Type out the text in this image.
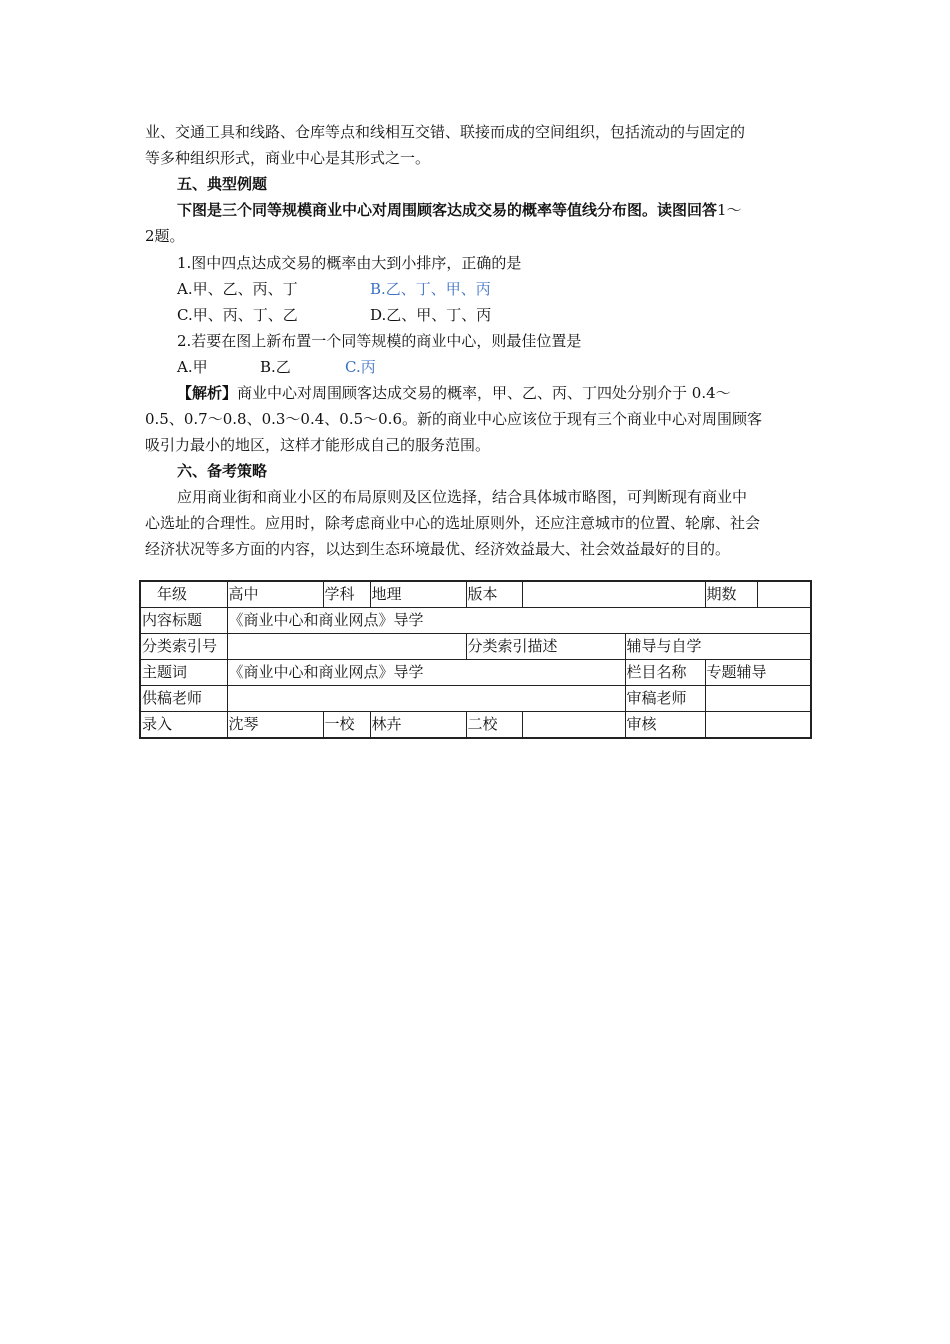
业、交通工具和线路、仓库等点和线相互交错、联接而成的空间组织，包括流动的与固定的
等多种组织形式，商业中心是其形式之一。
五、典型例题
下图是三个同等规模商业中心对周围顾客达成交易的概率等值线分布图。读图回答1～
2题。
1.图中四点达成交易的概率由大到小排序，正确的是
A.甲、乙、丙、丁	B.乙、丁、甲、丙
C.甲、丙、丁、乙	D.乙、甲、丁、丙
2.若要在图上新布置一个同等规模的商业中心，则最佳位置是
A.甲	B.乙	C.丙
【解析】商业中心对周围顾客达成交易的概率，甲、乙、丙、丁四处分别介于 0.4～
0.5、0.7～0.8、0.3～0.4、0.5～0.6。新的商业中心应该位于现有三个商业中心对周围顾客
吸引力最小的地区，这样才能形成自己的服务范围。
六、备考策略
应用商业街和商业小区的布局原则及区位选择，结合具体城市略图，可判断现有商业中
心选址的合理性。应用时，除考虑商业中心的选址原则外，还应注意城市的位置、轮廓、社会
经济状况等多方面的内容，以达到生态环境最优、经济效益最大、社会效益最好的目的。
年级	高中	学科	地理	版本			期数	
内容标题	《商业中心和商业网点》导学							
分类索引号				分类索引描述		辅导与自学		
主题词	《商业中心和商业网点》导学					栏目名称	专题辅导	
供稿老师						审稿老师		
录入	沈琴	一校	林卉	二校		审核		
